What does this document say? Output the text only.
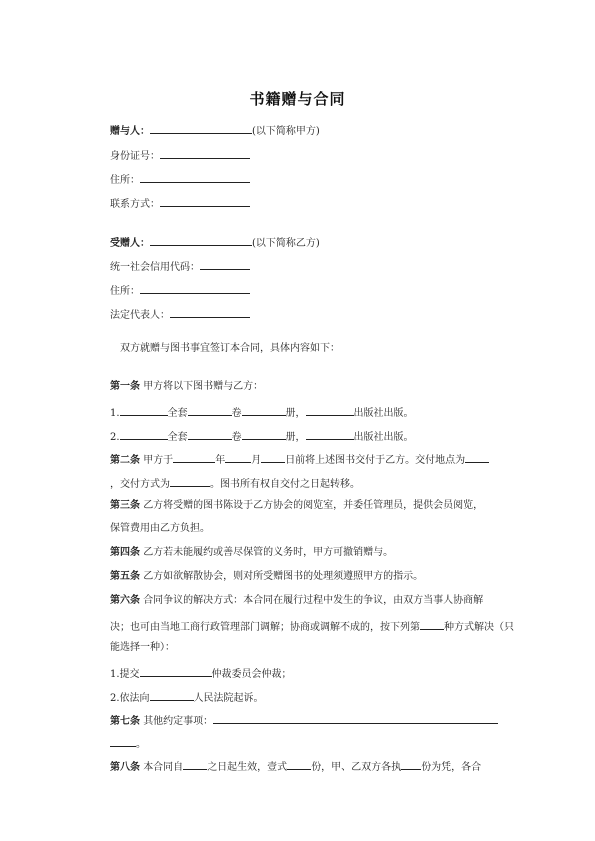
书籍赠与合同
赠与人：	(以下简称甲方)
身份证号：
住所：
联系方式：
受赠人：	(以下简称乙方)
统一社会信用代码：
住所：
法定代表人：
双方就赠与图书事宜签订本合同，具体内容如下：
第一条 甲方将以下图书赠与乙方：
1.	全套	卷	册，	出版社出版。
2.	全套	卷	册，	出版社出版。
第二条 甲方于	年	月 日前将上述图书交付于乙方。交付地点为
，交付方式为	。图书所有权自交付之日起转移。
第三条 乙方将受赠的图书陈设于乙方协会的阅览室，并委任管理员，提供会员阅览，
保管费用由乙方负担。
第四条 乙方若未能履约或善尽保管的义务时，甲方可撤销赠与。
第五条 乙方如欲解散协会，则对所受赠图书的处理须遵照甲方的指示。
第六条 合同争议的解决方式：本合同在履行过程中发生的争议，由双方当事人协商解
决；也可由当地工商行政管理部门调解；协商或调解不成的，按下列第 种方式解决（只
能选择一种）：
1.提交	仲裁委员会仲裁；
2.依法向	人民法院起诉。
第七条 其他约定事项：
。
第八条 本合同自 之日起生效，壹式 份，甲、乙双方各执 份为凭，各合
